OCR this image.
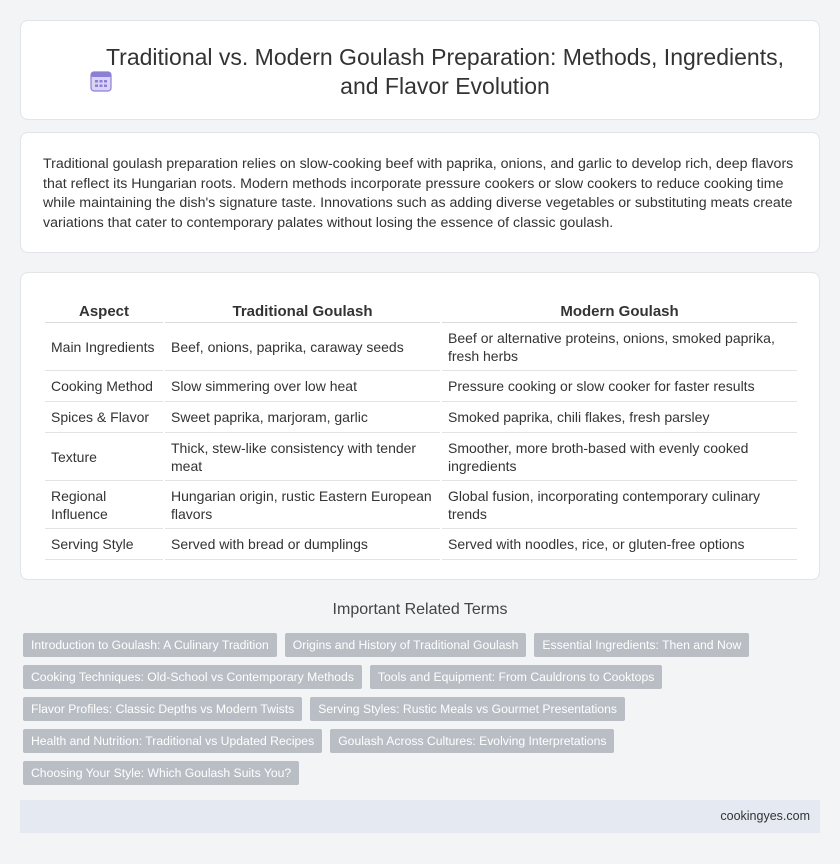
Traditional vs. Modern Goulash Preparation: Methods, Ingredients, and Flavor Evolution

Traditional goulash preparation relies on slow-cooking beef with paprika, onions, and garlic to develop rich, deep flavors that reflect its Hungarian roots. Modern methods incorporate pressure cookers or slow cookers to reduce cooking time while maintaining the dish's signature taste. Innovations such as adding diverse vegetables or substituting meats create variations that cater to contemporary palates without losing the essence of classic goulash.

Aspect	Traditional Goulash	Modern Goulash
Main Ingredients	Beef, onions, paprika, caraway seeds	Beef or alternative proteins, onions, smoked paprika, fresh herbs
Cooking Method	Slow simmering over low heat	Pressure cooking or slow cooker for faster results
Spices & Flavor	Sweet paprika, marjoram, garlic	Smoked paprika, chili flakes, fresh parsley
Texture	Thick, stew-like consistency with tender meat	Smoother, more broth-based with evenly cooked ingredients
Regional Influence	Hungarian origin, rustic Eastern European flavors	Global fusion, incorporating contemporary culinary trends
Serving Style	Served with bread or dumplings	Served with noodles, rice, or gluten-free options
Important Related Terms
Introduction to Goulash: A Culinary Tradition	Origins and History of Traditional Goulash	Essential Ingredients: Then and Now
Cooking Techniques: Old-School vs Contemporary Methods	Tools and Equipment: From Cauldrons to Cooktops
Flavor Profiles: Classic Depths vs Modern Twists	Serving Styles: Rustic Meals vs Gourmet Presentations
Health and Nutrition: Traditional vs Updated Recipes	Goulash Across Cultures: Evolving Interpretations
Choosing Your Style: Which Goulash Suits You?
cookingyes.com
